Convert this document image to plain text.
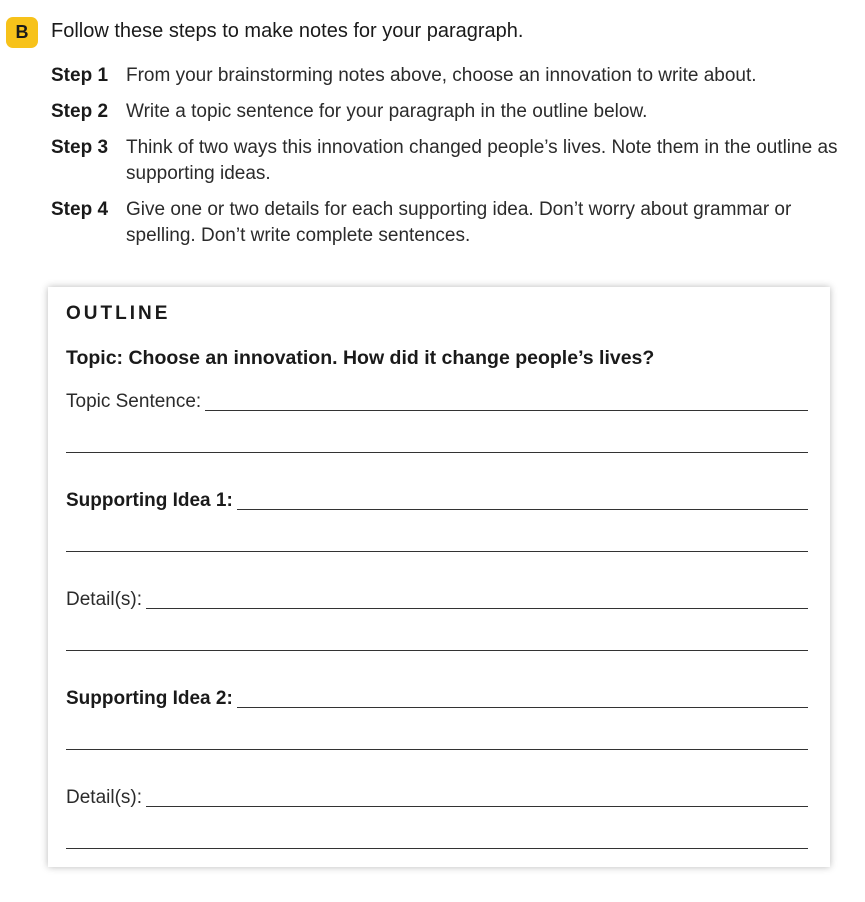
B	Follow these steps to make notes for your paragraph.
Step 1 From your brainstorming notes above, choose an innovation to write about.
Step 2 Write a topic sentence for your paragraph in the outline below.
Step 3 Think of two ways this innovation changed people’s lives. Note them in the outline as supporting ideas.
Step 4 Give one or two details for each supporting idea. Don’t worry about grammar or spelling. Don’t write complete sentences.
OUTLINE
Topic: Choose an innovation. How did it change people’s lives?
Topic Sentence:
Supporting Idea 1:
Detail(s):
Supporting Idea 2:
Detail(s):
